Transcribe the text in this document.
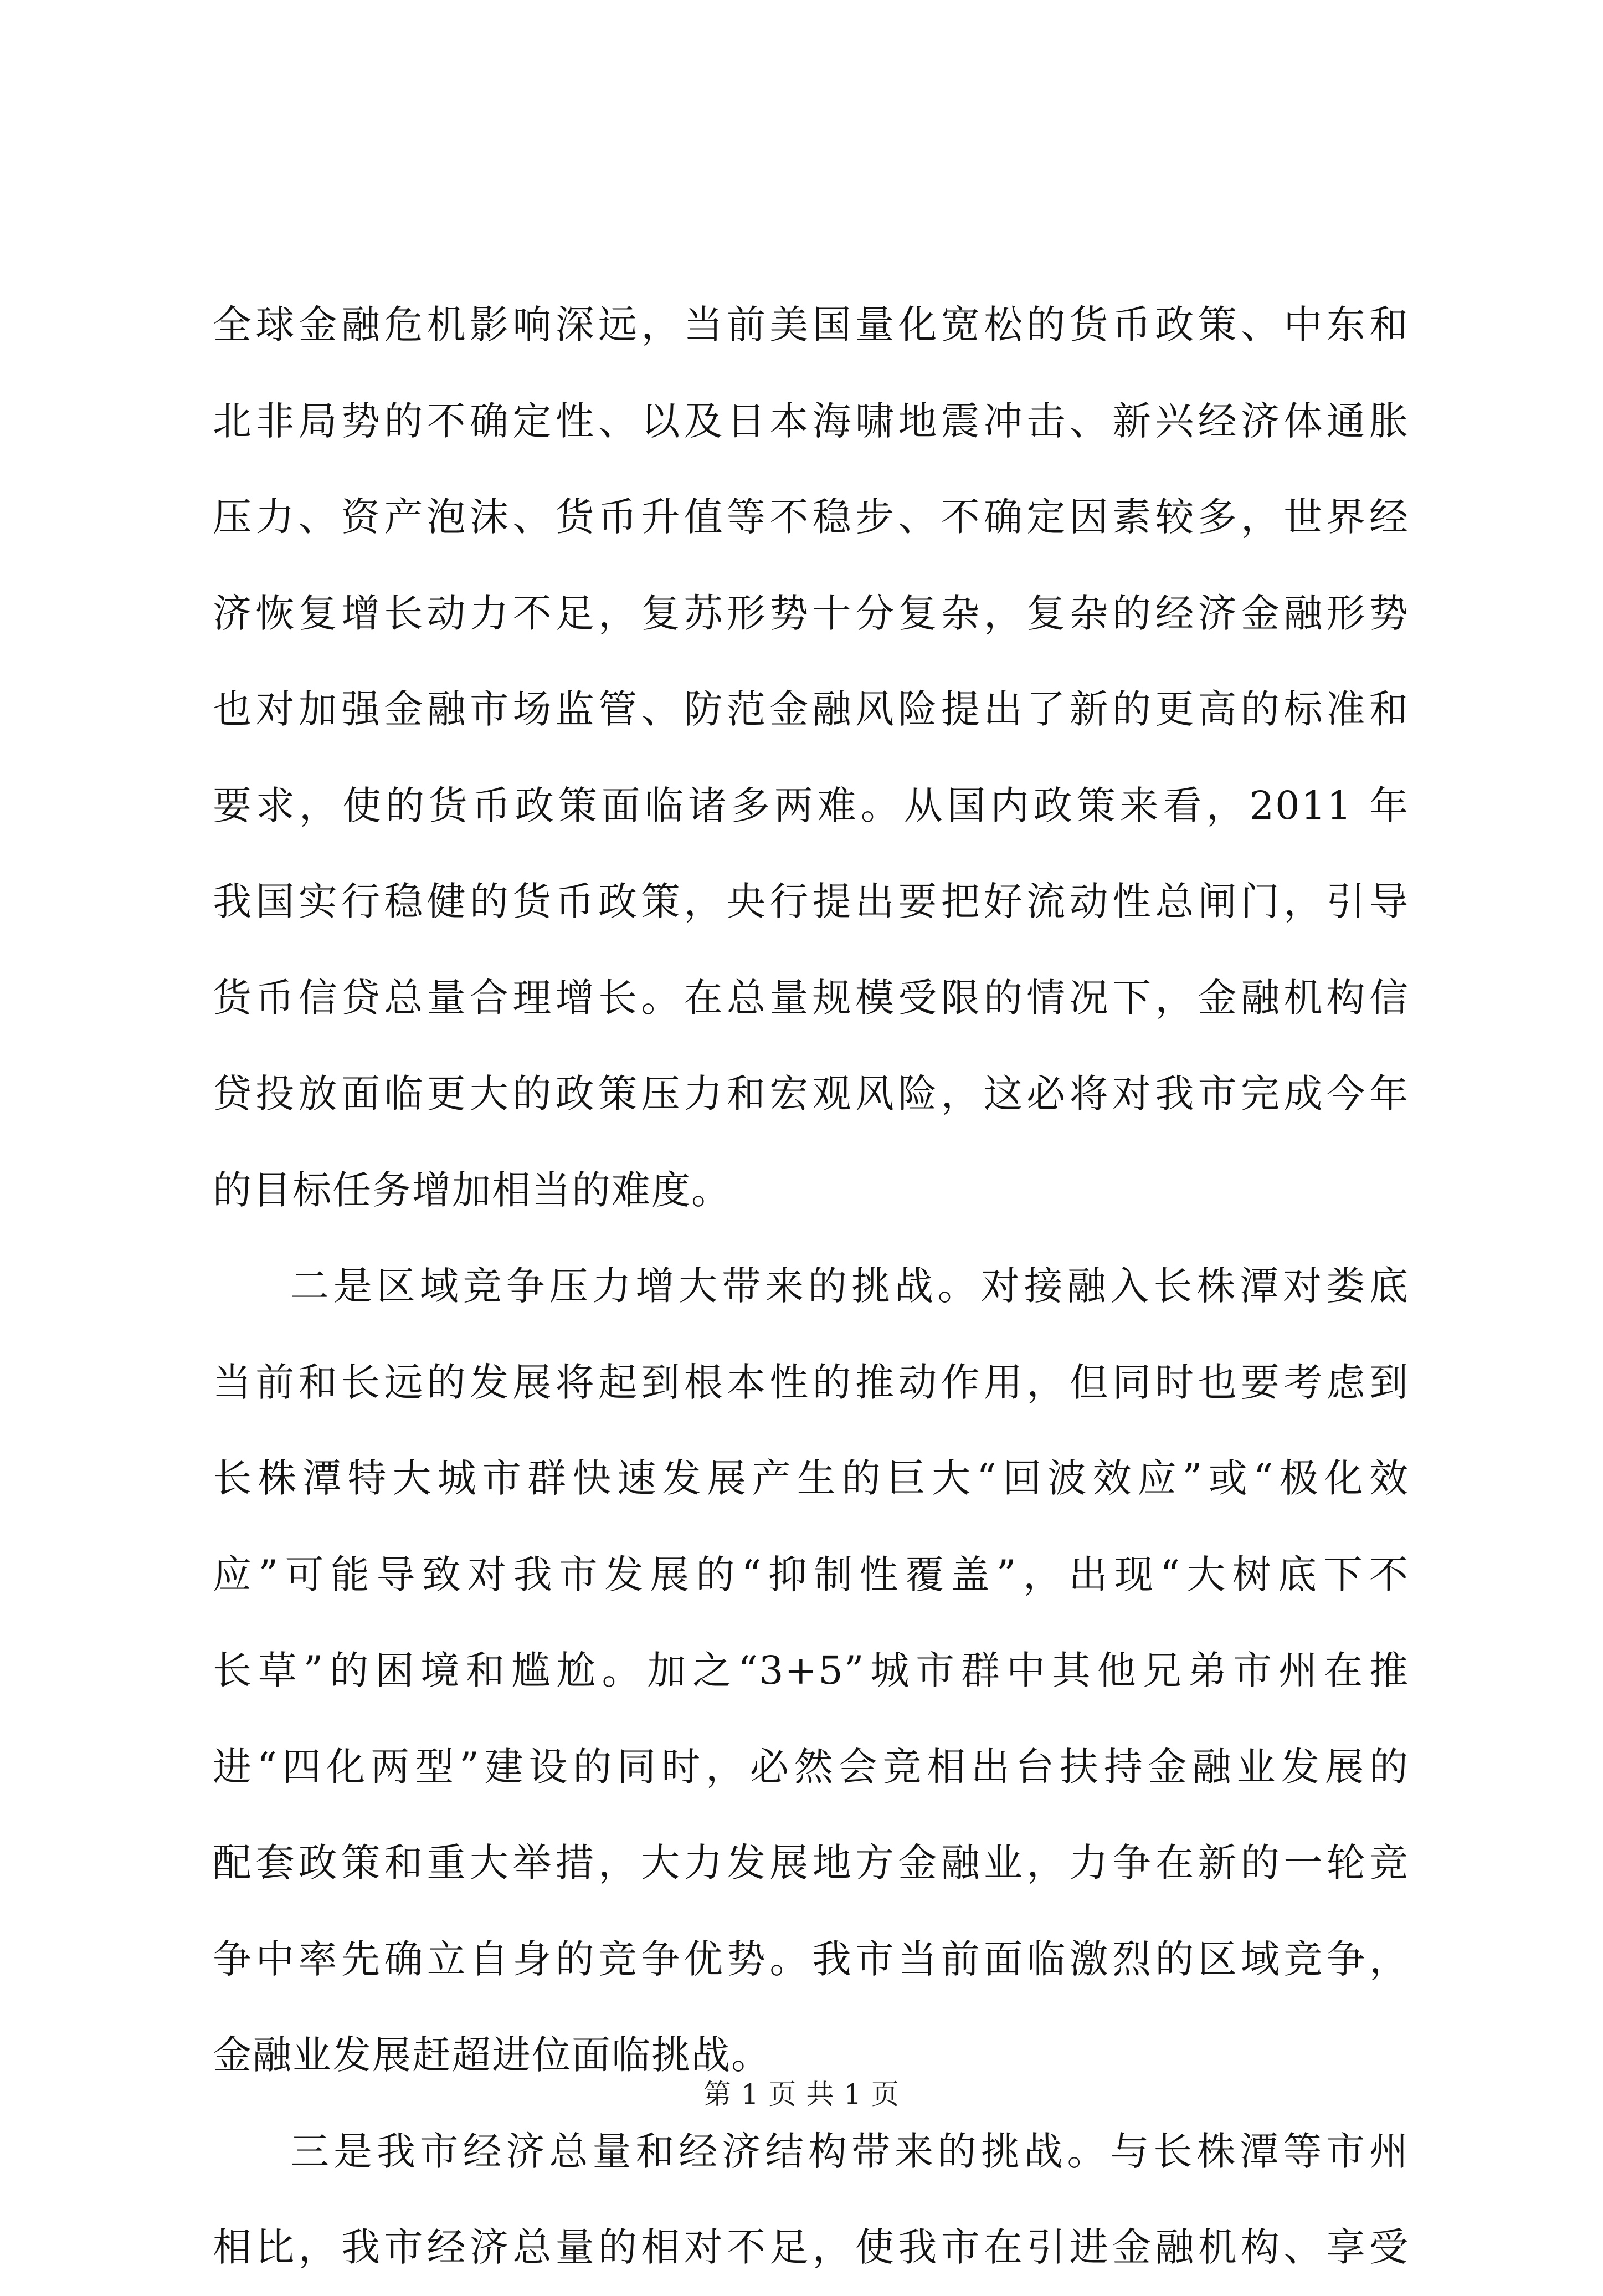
全球金融危机影响深远，当前美国量化宽松的货币政策、中东和
北非局势的不确定性、以及日本海啸地震冲击、新兴经济体通胀
压力、资产泡沫、货币升值等不稳步、不确定因素较多，世界经
济恢复增长动力不足，复苏形势十分复杂，复杂的经济金融形势
也对加强金融市场监管、防范金融风险提出了新的更高的标准和
要求，使的货币政策面临诸多两难。从国内政策来看，2011 年
我国实行稳健的货币政策，央行提出要把好流动性总闸门，引导
货币信贷总量合理增长。在总量规模受限的情况下，金融机构信
贷投放面临更大的政策压力和宏观风险，这必将对我市完成今年
的目标任务增加相当的难度。
二是区域竞争压力增大带来的挑战。对接融入长株潭对娄底
当前和长远的发展将起到根本性的推动作用，但同时也要考虑到
长株潭特大城市群快速发展产生的巨大“回波效应”或“极化效
应”可能导致对我市发展的“抑制性覆盖”，出现“大树底下不
长草”的困境和尴尬。加之“3+5”城市群中其他兄弟市州在推
进“四化两型”建设的同时，必然会竞相出台扶持金融业发展的
配套政策和重大举措，大力发展地方金融业，力争在新的一轮竞
争中率先确立自身的竞争优势。我市当前面临激烈的区域竞争，
金融业发展赶超进位面临挑战。
三是我市经济总量和经济结构带来的挑战。与长株潭等市州
相比，我市经济总量的相对不足，使我市在引进金融机构、享受
第 1 页 共 1 页
